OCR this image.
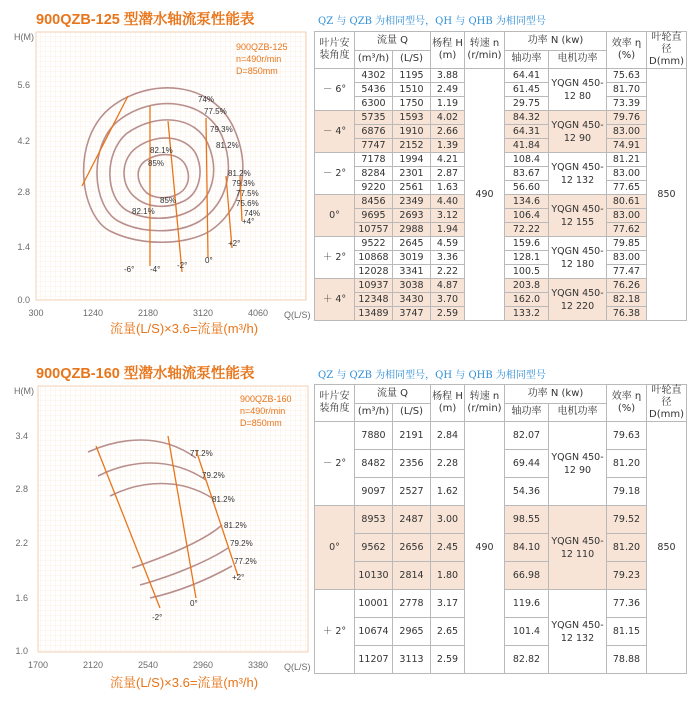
900QZB-125 型潜水轴流泵性能表	QZ 与 QZB 为相同型号，QH 与 QHB 为相同型号
H(M)
Q(L/S)
5.6
4.2
2.8
1.4
0.0
300	1240	2180	3120	4060
900QZB-125
n=490r/min
D=850mm
-6° -4° -2°
0°
+2°
+4°
74%
77.5%
79.3%
81.2%
82.1%
85%
81.2%
79.3%
77.5%
75.6%
74%
85%
82.1%
流量(L/S)×3.6=流量(m³/h)
叶片安装角度	流量 Q		杨程 H (m)	转速 n (r/min)	功率 N (kw)		效率 η (%)	叶轮直径 D(mm)
	(m³/h)	(L/S)			轴功率	电机功率		
－ 6°	4302	1195	3.88	490	64.41	YQGN 450-12 80	75.63	850
	5436	1510	2.49		61.45		81.70	
	6300	1750	1.19		29.75		73.39	
－ 4°	5735	1593	4.02		84.32	YQGN 450-12 90	79.76	
	6876	1910	2.66		64.31		83.00	
	7747	2152	1.39		41.84		74.91	
－ 2°	7178	1994	4.21		108.4	YQGN 450-12 132	81.21	
	8284	2301	2.87		83.67		83.00	
	9220	2561	1.63		56.60		77.65	
0°	8456	2349	4.40		134.6	YQGN 450-12 155	80.61	
	9695	2693	3.12		106.4		83.00	
	10757	2988	1.94		72.22		77.62	
＋ 2°	9522	2645	4.59		159.6	YQGN 450-12 180	79.85	
	10868	3019	3.36		128.1		83.00	
	12028	3341	2.22		100.5		77.47	
＋ 4°	10937	3038	4.87		203.8	YQGN 450-12 220	76.26	
	12348	3430	3.70		162.0		82.18	
	13489	3747	2.59		133.2		76.38	
900QZB-160 型潜水轴流泵性能表	QZ 与 QZB 为相同型号，QH 与 QHB 为相同型号
H(M)
Q(L/S)
3.4
2.8
2.2
1.6
1.0
1700	2120	2540	2960	3380
900QZB-160
n=490r/min
D=850mm
-2°
0°
+2°
77.2%
79.2%
81.2%
81.2%
79.2%
77.2%
流量(L/S)×3.6=流量(m³/h)
叶片安装角度	流量 Q		杨程 H (m)	转速 n (r/min)	功率 N (kw)		效率 η (%)	叶轮直径 D(mm)
	(m³/h)	(L/S)			轴功率	电机功率		
－ 2°	7880	2191	2.84	490	82.07	YQGN 450-12 90	79.63	850
	8482	2356	2.28		69.44		81.20	
	9097	2527	1.62		54.36		79.18	
0°	8953	2487	3.00		98.55	YQGN 450-12 110	79.52	
	9562	2656	2.45		84.10		81.20	
	10130	2814	1.80		66.98		79.23	
＋ 2°	10001	2778	3.17		119.6	YQGN 450-12 132	77.36	
	10674	2965	2.65		101.4		81.15	
	11207	3113	2.59		82.82		78.88	
